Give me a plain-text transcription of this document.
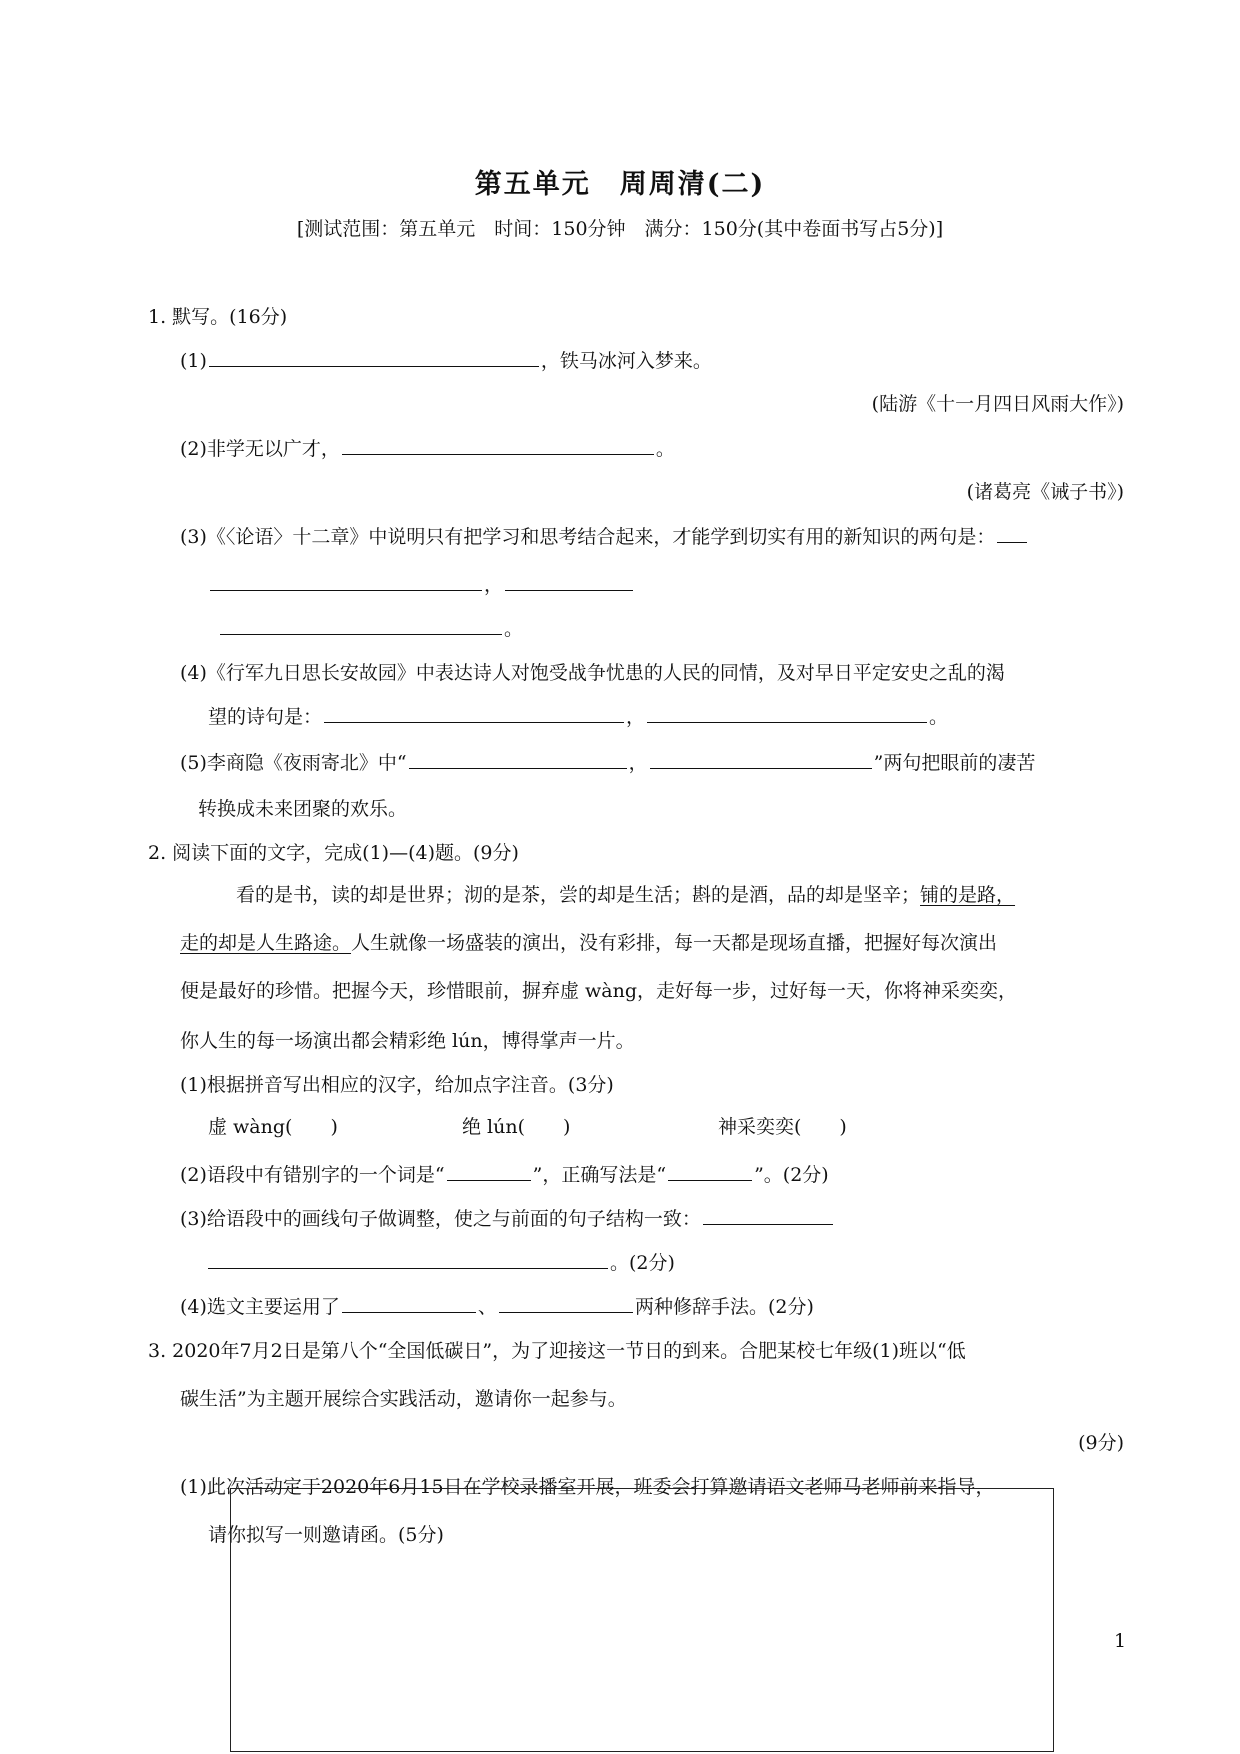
第五单元　周周清(二)
[测试范围：第五单元　时间：150分钟　满分：150分(其中卷面书写占5分)]
1. 默写。(16分)
(1)	，铁马冰河入梦来。
(陆游《十一月四日风雨大作》)
(2)非学无以广才，	。
(诸葛亮《诫子书》)
(3)《〈论语〉十二章》中说明只有把学习和思考结合起来，才能学到切实有用的新知识的两句是：
，
。
(4)《行军九日思长安故园》中表达诗人对饱受战争忧患的人民的同情，及对早日平定安史之乱的渴
望的诗句是：	，	。
(5)李商隐《夜雨寄北》中“	，	”两句把眼前的凄苦
转换成未来团聚的欢乐。
2. 阅读下面的文字，完成(1)—(4)题。(9分)
看的是书，读的却是世界；沏的是茶，尝的却是生活；斟的是酒，品的却是坚辛；铺的是路，
走的却是人生路途。人生就像一场盛装的演出，没有彩排，每一天都是现场直播，把握好每次演出
便是最好的珍惜。把握今天，珍惜眼前，摒弃虚 wàng，走好每一步，过好每一天，你将神采奕奕，
你人生的每一场演出都会精彩绝 lún，博得掌声一片。
(1)根据拼音写出相应的汉字，给加点字注音。(3分)
虚 wàng(　　)	绝 lún(　　)	神采奕奕(　　)
(2)语段中有错别字的一个词是“	”，正确写法是“	”。(2分)
(3)给语段中的画线句子做调整，使之与前面的句子结构一致：
。(2分)
(4)选文主要运用了	、	两种修辞手法。(2分)
3. 2020年7月2日是第八个“全国低碳日”，为了迎接这一节日的到来。合肥某校七年级(1)班以“低
碳生活”为主题开展综合实践活动，邀请你一起参与。
(9分)
(1)此次活动定于2020年6月15日在学校录播室开展，班委会打算邀请语文老师马老师前来指导，
请你拟写一则邀请函。(5分)
1
